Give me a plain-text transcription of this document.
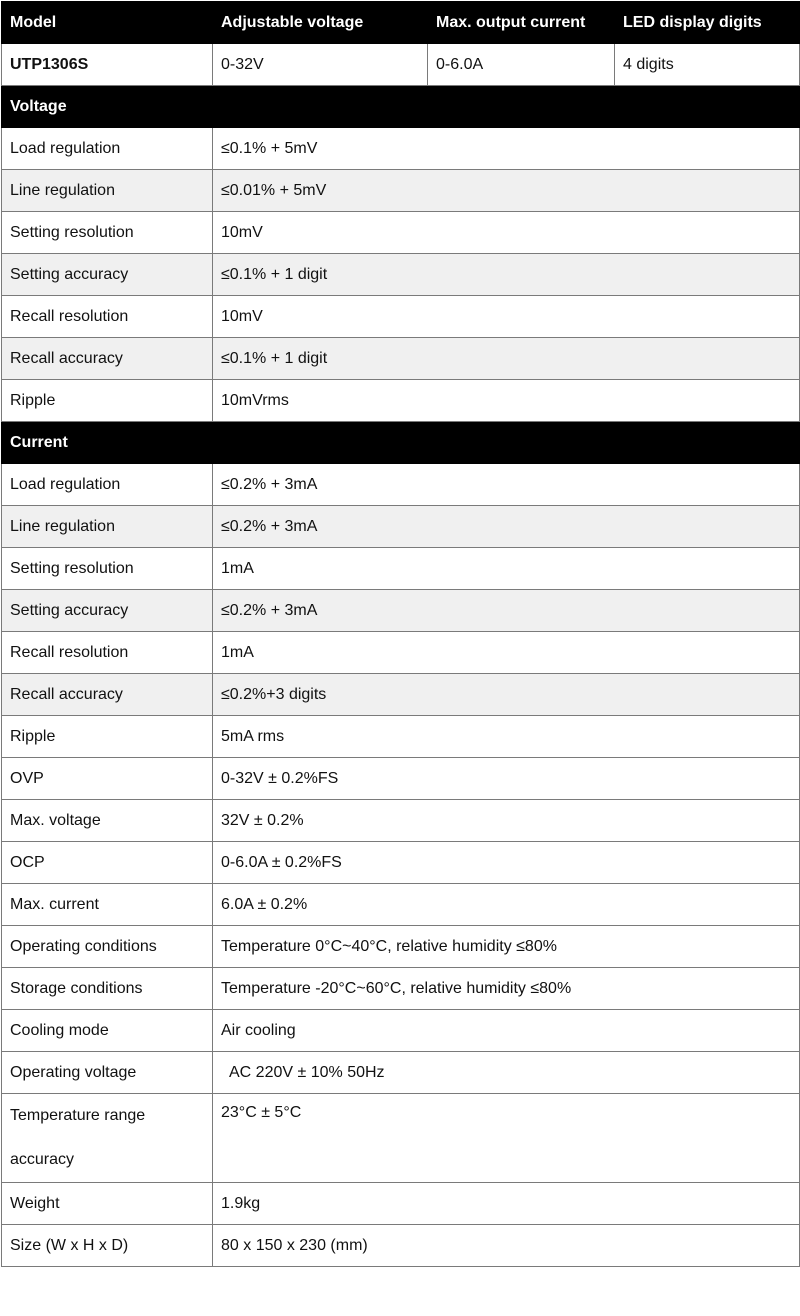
Model	Adjustable voltage	Max. output current	LED display digits
UTP1306S	0-32V	0-6.0A	4 digits
Voltage			
Load regulation	≤0.1% + 5mV		
Line regulation	≤0.01% + 5mV		
Setting resolution	10mV		
Setting accuracy	≤0.1% + 1 digit		
Recall resolution	10mV		
Recall accuracy	≤0.1% + 1 digit		
Ripple	10mVrms		
Current			
Load regulation	≤0.2% + 3mA		
Line regulation	≤0.2% + 3mA		
Setting resolution	1mA		
Setting accuracy	≤0.2% + 3mA		
Recall resolution	1mA		
Recall accuracy	≤0.2%+3 digits		
Ripple	5mA rms		
OVP	0-32V ± 0.2%FS		
Max. voltage	32V ± 0.2%		
OCP	0-6.0A ± 0.2%FS		
Max. current	6.0A ± 0.2%		
Operating conditions	Temperature 0°C~40°C, relative humidity ≤80%		
Storage conditions	Temperature -20°C~60°C, relative humidity ≤80%		
Cooling mode	Air cooling		
Operating voltage	AC 220V ± 10% 50Hz		
Temperature range accuracy	23°C ± 5°C		
Weight	1.9kg		
Size (W x H x D)	80 x 150 x 230 (mm)		
